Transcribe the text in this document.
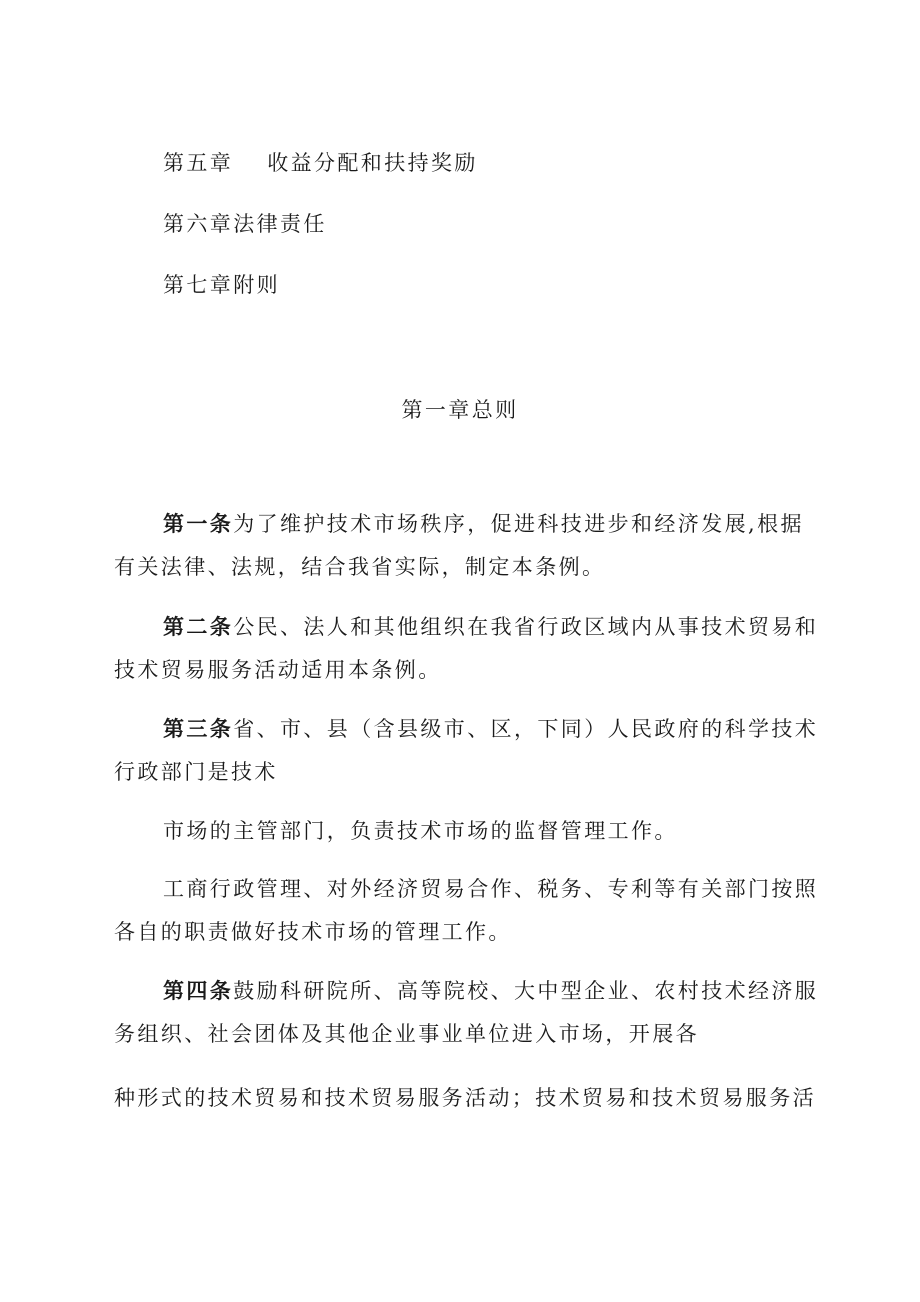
第五章 收益分配和扶持奖励
第六章法律责任
第七章附则
第一章总则
第一条为了维护技术市场秩序，促进科技进步和经济发展,根据
有关法律、法规，结合我省实际，制定本条例。
第二条公民、法人和其他组织在我省行政区域内从事技术贸易和
技术贸易服务活动适用本条例。
第三条省、市、县（含县级市、区，下同）人民政府的科学技术
行政部门是技术
市场的主管部门，负责技术市场的监督管理工作。
工商行政管理、对外经济贸易合作、税务、专利等有关部门按照
各自的职责做好技术市场的管理工作。
第四条鼓励科研院所、高等院校、大中型企业、农村技术经济服
务组织、社会团体及其他企业事业单位进入市场，开展各
种形式的技术贸易和技术贸易服务活动；技术贸易和技术贸易服务活
